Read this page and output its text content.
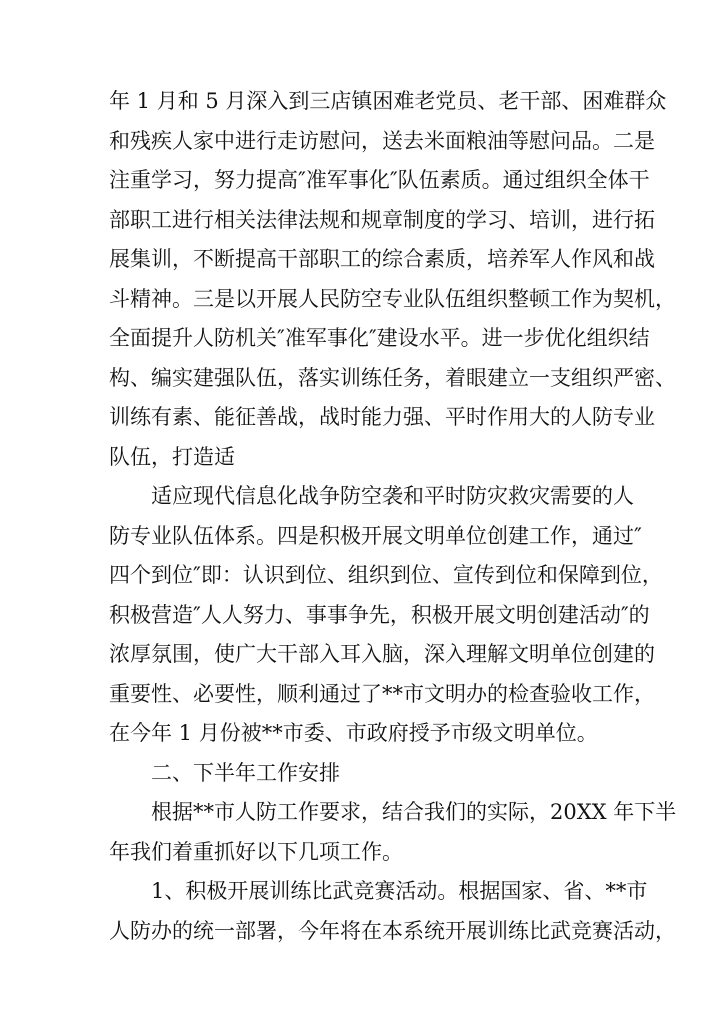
年 1 月和 5 月深入到三店镇困难老党员、老干部、困难群众
和残疾人家中进行走访慰问，送去米面粮油等慰问品。二是
注重学习，努力提高″准军事化″队伍素质。通过组织全体干
部职工进行相关法律法规和规章制度的学习、培训，进行拓
展集训，不断提高干部职工的综合素质，培养军人作风和战
斗精神。三是以开展人民防空专业队伍组织整顿工作为契机，
全面提升人防机关″准军事化″建设水平。进一步优化组织结
构、编实建强队伍，落实训练任务，着眼建立一支组织严密、
训练有素、能征善战，战时能力强、平时作用大的人防专业
队伍，打造适
适应现代信息化战争防空袭和平时防灾救灾需要的人
防专业队伍体系。四是积极开展文明单位创建工作，通过″
四个到位″即：认识到位、组织到位、宣传到位和保障到位，
积极营造″人人努力、事事争先，积极开展文明创建活动″的
浓厚氛围，使广大干部入耳入脑，深入理解文明单位创建的
重要性、必要性，顺利通过了**市文明办的检查验收工作，
在今年 1 月份被**市委、市政府授予市级文明单位。
二、下半年工作安排
根据**市人防工作要求，结合我们的实际，20XX 年下半
年我们着重抓好以下几项工作。
1、积极开展训练比武竞赛活动。根据国家、省、**市
人防办的统一部署，今年将在本系统开展训练比武竞赛活动，
